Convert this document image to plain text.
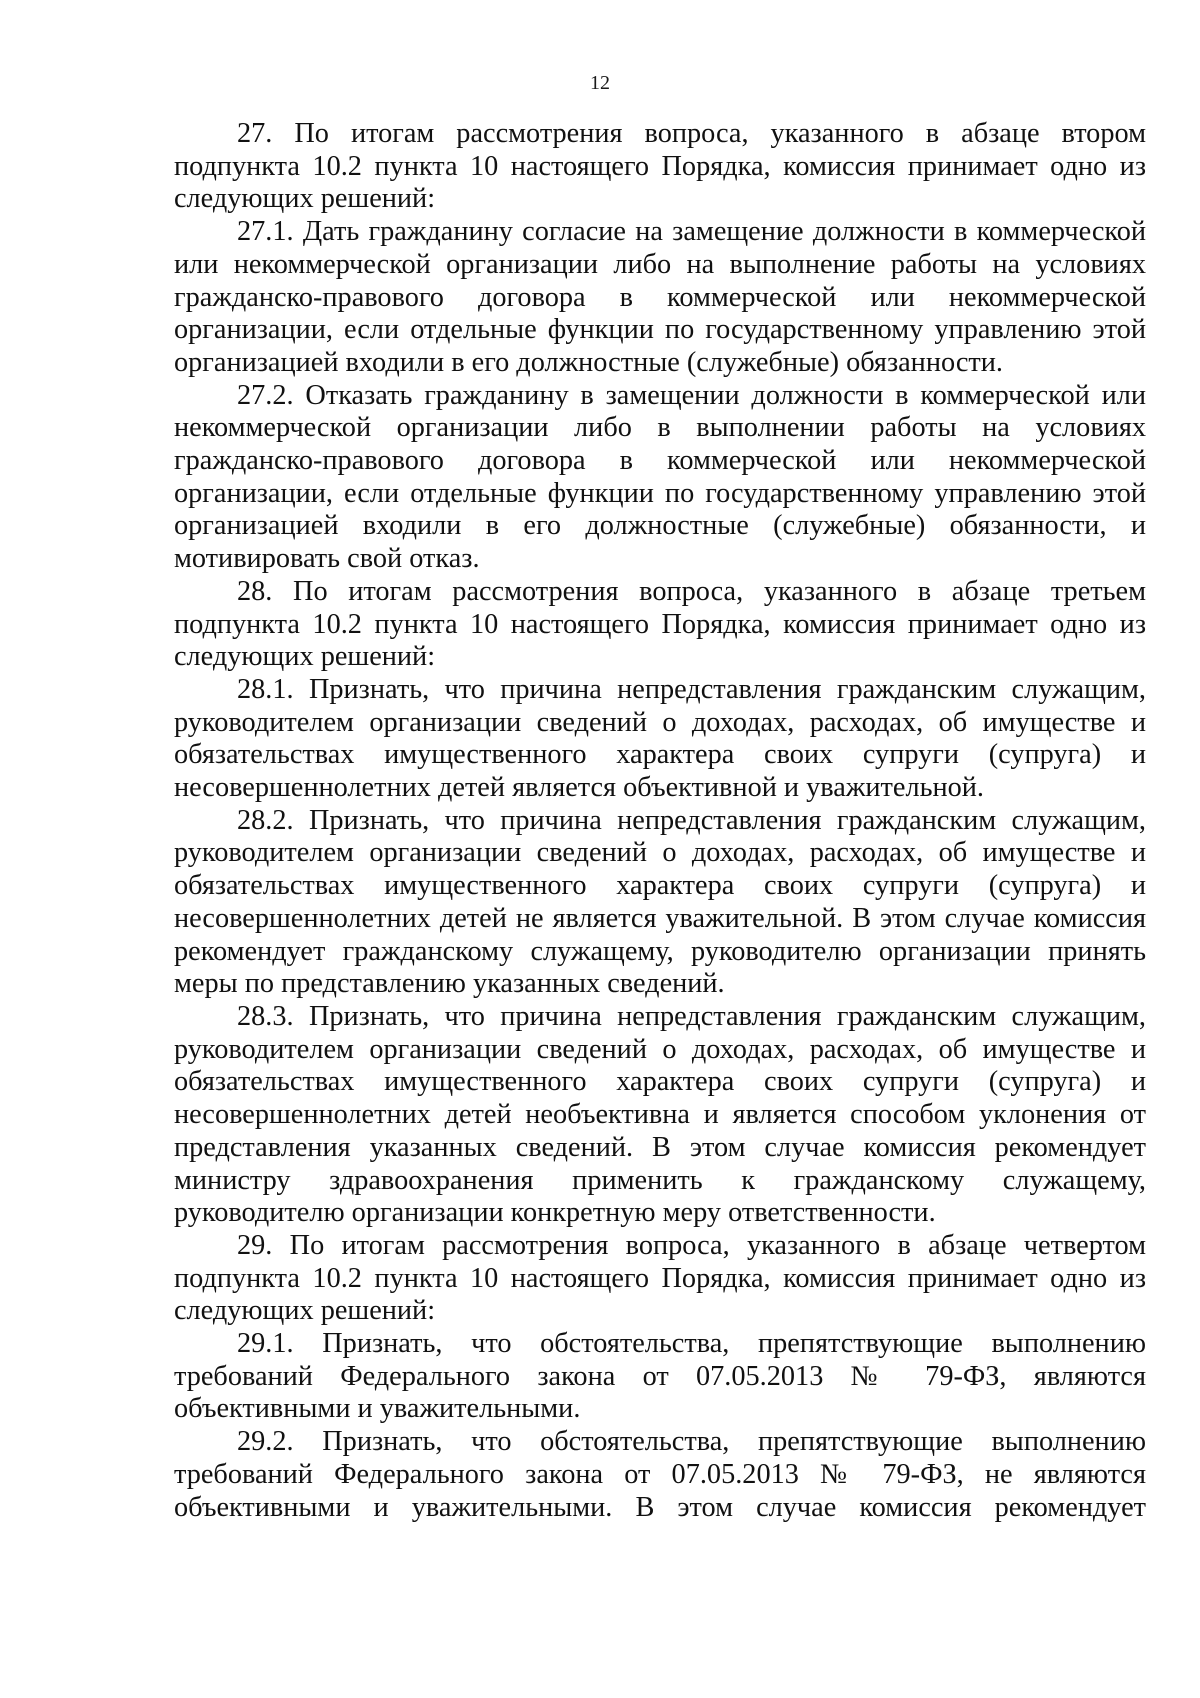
12

27. По итогам рассмотрения вопроса, указанного в абзаце втором подпункта 10.2 пункта 10 настоящего Порядка, комиссия принимает одно из следующих решений:

27.1. Дать гражданину согласие на замещение должности в коммерческой или некоммерческой организации либо на выполнение работы на условиях гражданско-правового договора в коммерческой или некоммерческой организации, если отдельные функции по государственному управлению этой организацией входили в его должностные (служебные) обязанности.

27.2. Отказать гражданину в замещении должности в коммерческой или некоммерческой организации либо в выполнении работы на условиях гражданско-правового договора в коммерческой или некоммерческой организации, если отдельные функции по государственному управлению этой организацией входили в его должностные (служебные) обязанности, и мотивировать свой отказ.

28. По итогам рассмотрения вопроса, указанного в абзаце третьем подпункта 10.2 пункта 10 настоящего Порядка, комиссия принимает одно из следующих решений:

28.1. Признать, что причина непредставления гражданским служащим, руководителем организации сведений о доходах, расходах, об имуществе и обязательствах имущественного характера своих супруги (супруга) и несовершеннолетних детей является объективной и уважительной.

28.2. Признать, что причина непредставления гражданским служащим, руководителем организации сведений о доходах, расходах, об имуществе и обязательствах имущественного характера своих супруги (супруга) и несовершеннолетних детей не является уважительной. В этом случае комиссия рекомендует гражданскому служащему, руководителю организации принять меры по представлению указанных сведений.

28.3. Признать, что причина непредставления гражданским служащим, руководителем организации сведений о доходах, расходах, об имуществе и обязательствах имущественного характера своих супруги (супруга) и несовершеннолетних детей необъективна и является способом уклонения от представления указанных сведений. В этом случае комиссия рекомендует министру здравоохранения применить к гражданскому служащему, руководителю организации конкретную меру ответственности.

29. По итогам рассмотрения вопроса, указанного в абзаце четвертом подпункта 10.2 пункта 10 настоящего Порядка, комиссия принимает одно из следующих решений:

29.1. Признать, что обстоятельства, препятствующие выполнению требований Федерального закона от 07.05.2013 № 79-ФЗ, являются объективными и уважительными.

29.2. Признать, что обстоятельства, препятствующие выполнению требований Федерального закона от 07.05.2013 № 79-ФЗ, не являются объективными и уважительными. В этом случае комиссия рекомендует
